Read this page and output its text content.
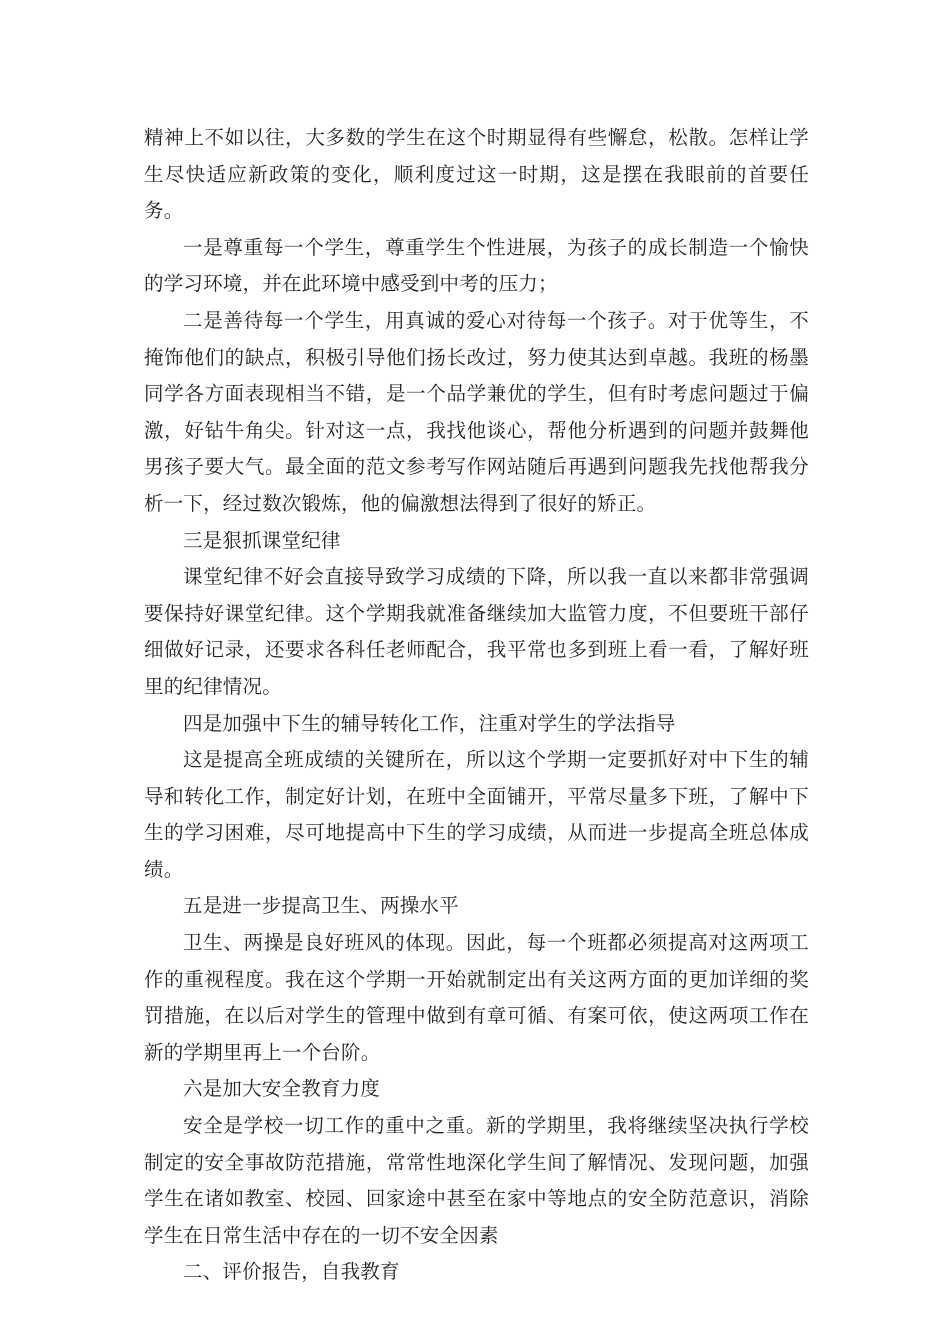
精神上不如以往，大多数的学生在这个时期显得有些懈怠，松散。怎样让学生尽快适应新政策的变化，顺利度过这一时期，这是摆在我眼前的首要任务。

一是尊重每一个学生，尊重学生个性进展，为孩子的成长制造一个愉快的学习环境，并在此环境中感受到中考的压力；

二是善待每一个学生，用真诚的爱心对待每一个孩子。对于优等生，不掩饰他们的缺点，积极引导他们扬长改过，努力使其达到卓越。我班的杨墨同学各方面表现相当不错，是一个品学兼优的学生，但有时考虑问题过于偏激，好钻牛角尖。针对这一点，我找他谈心，帮他分析遇到的问题并鼓舞他男孩子要大气。最全面的范文参考写作网站随后再遇到问题我先找他帮我分析一下，经过数次锻炼，他的偏激想法得到了很好的矫正。

三是狠抓课堂纪律

课堂纪律不好会直接导致学习成绩的下降，所以我一直以来都非常强调要保持好课堂纪律。这个学期我就准备继续加大监管力度，不但要班干部仔细做好记录，还要求各科任老师配合，我平常也多到班上看一看，了解好班里的纪律情况。

四是加强中下生的辅导转化工作，注重对学生的学法指导

这是提高全班成绩的关键所在，所以这个学期一定要抓好对中下生的辅导和转化工作，制定好计划，在班中全面铺开，平常尽量多下班，了解中下生的学习困难，尽可地提高中下生的学习成绩，从而进一步提高全班总体成绩。

五是进一步提高卫生、两操水平

卫生、两操是良好班风的体现。因此，每一个班都必须提高对这两项工作的重视程度。我在这个学期一开始就制定出有关这两方面的更加详细的奖罚措施，在以后对学生的管理中做到有章可循、有案可依，使这两项工作在新的学期里再上一个台阶。

六是加大安全教育力度

安全是学校一切工作的重中之重。新的学期里，我将继续坚决执行学校制定的安全事故防范措施，常常性地深化学生间了解情况、发现问题，加强学生在诸如教室、校园、回家途中甚至在家中等地点的安全防范意识，消除学生在日常生活中存在的一切不安全因素

二、评价报告，自我教育
